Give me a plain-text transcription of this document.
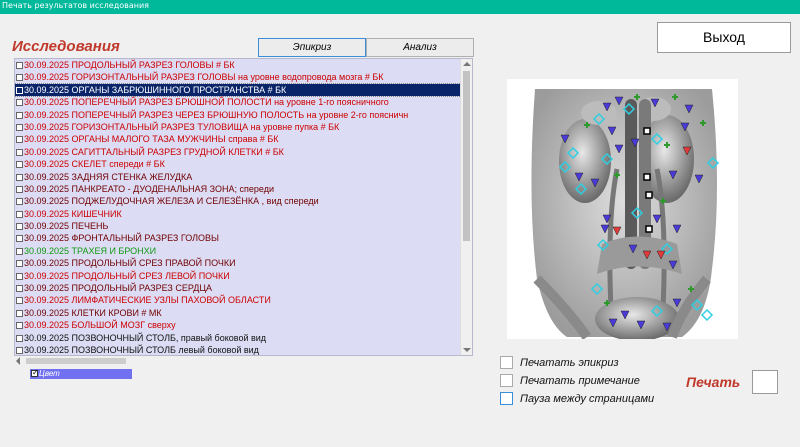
Печать результатов исследования
Исследования	Эпикриз	Анализ
Выход
30.09.2025 ПРОДОЛЬНЫЙ РАЗРЕЗ ГОЛОВЫ # БК
30.09.2025 ГОРИЗОНТАЛЬНЫЙ РАЗРЕЗ ГОЛОВЫ на уровне водопровода мозга # БК
30.09.2025 ОРГАНЫ ЗАБРЮШИННОГО ПРОСТРАНСТВА # БК
30.09.2025 ПОПЕРЕЧНЫЙ РАЗРЕЗ БРЮШНОЙ ПОЛОСТИ на уровне 1-го поясничного
30.09.2025 ПОПЕРЕЧНЫЙ РАЗРЕЗ ЧЕРЕЗ БРЮШНУЮ ПОЛОСТЬ на уровне 2-го поясничн
30.09.2025 ГОРИЗОНТАЛЬНЫЙ РАЗРЕЗ ТУЛОВИЩА на уровне пупка # БК
30.09.2025 ОРГАНЫ МАЛОГО ТАЗА МУЖЧИНЫ справа # БК
30.09.2025 САГИТТАЛЬНЫЙ РАЗРЕЗ ГРУДНОЙ КЛЕТКИ # БК
30.09.2025 СКЕЛЕТ спереди # БК
30.09.2025 ЗАДНЯЯ СТЕНКА ЖЕЛУДКА
30.09.2025 ПАНКРЕАТО - ДУОДЕНАЛЬНАЯ ЗОНА; спереди
30.09.2025 ПОДЖЕЛУДОЧНАЯ ЖЕЛЕЗА И СЕЛЕЗЁНКА , вид спереди
30.09.2025 КИШЕЧНИК
30.09.2025 ПЕЧЕНЬ
30.09.2025 ФРОНТАЛЬНЫЙ РАЗРЕЗ ГОЛОВЫ
30.09.2025 ТРАХЕЯ И БРОНХИ
30.09.2025 ПРОДОЛЬНЫЙ СРЕЗ ПРАВОЙ ПОЧКИ
30.09.2025 ПРОДОЛЬНЫЙ СРЕЗ ЛЕВОЙ ПОЧКИ
30.09.2025 ПРОДОЛЬНЫЙ РАЗРЕЗ СЕРДЦА
30.09.2025 ЛИМФАТИЧЕСКИЕ УЗЛЫ ПАХОВОЙ ОБЛАСТИ
30.09.2025 КЛЕТКИ КРОВИ # МК
30.09.2025 БОЛЬШОЙ МОЗГ сверху
30.09.2025 ПОЗВОНОЧНЫЙ СТОЛБ, правый боковой вид
30.09.2025 ПОЗВОНОЧНЫЙ СТОЛБ левый боковой вид
✓
Цвет
Печатать эпикриз
Печатать примечание
Пауза между страницами
Печать
